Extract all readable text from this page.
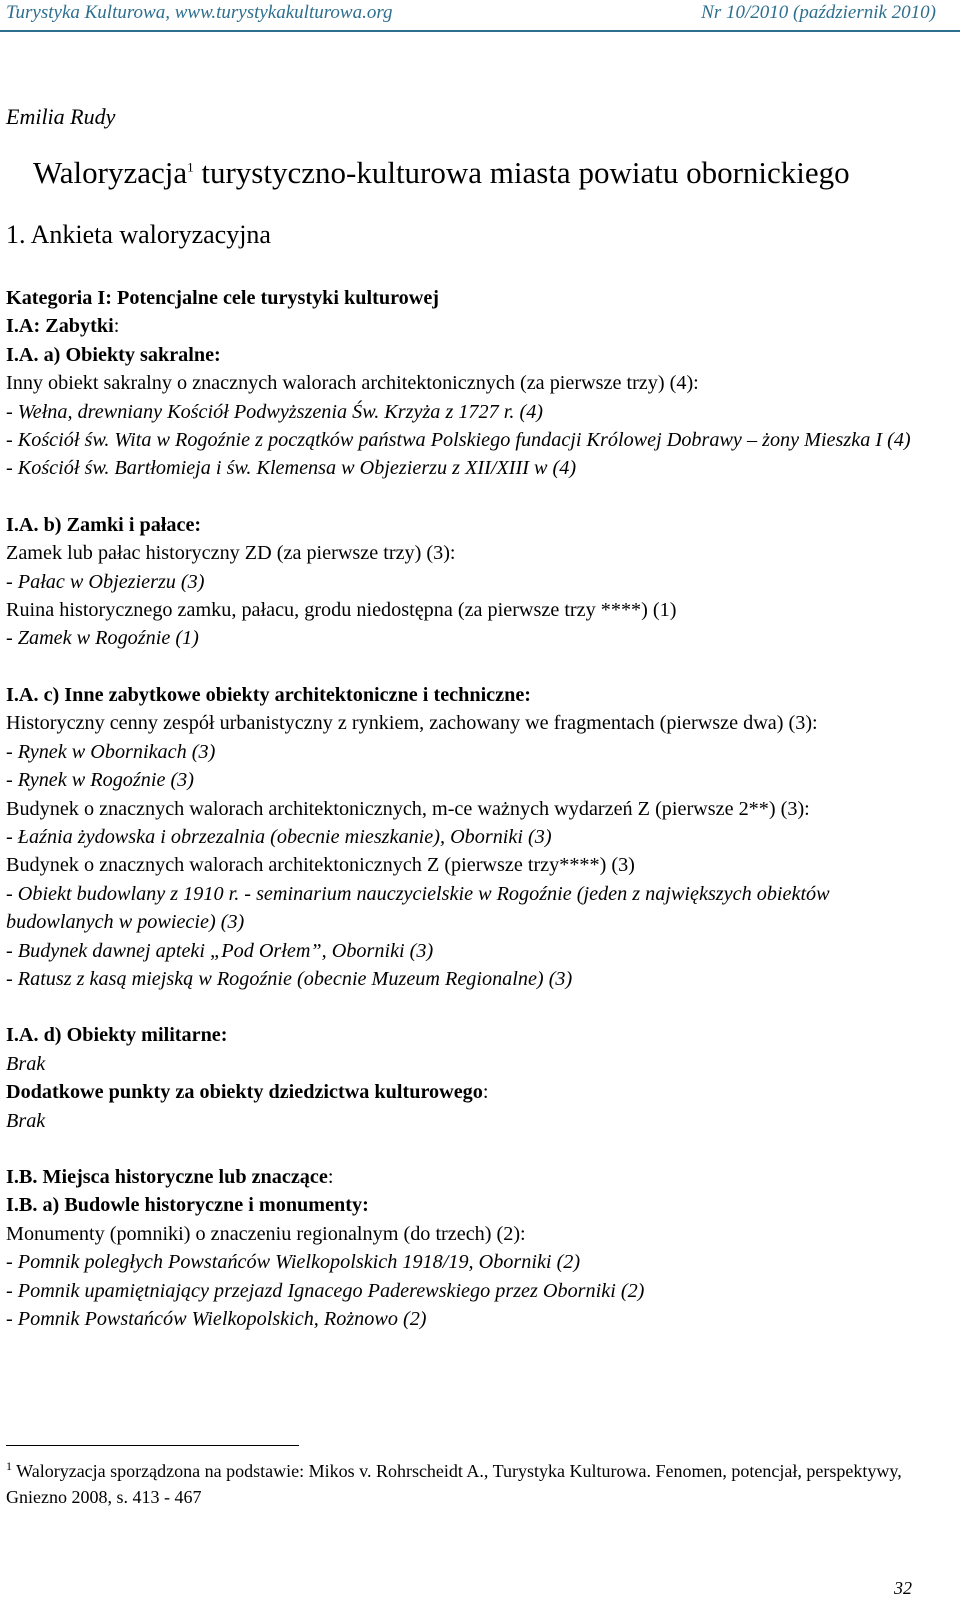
Turystyka Kulturowa, www.turystykakulturowa.org	Nr 10/2010 (październik 2010)
Emilia Rudy
Waloryzacja$^1$ turystyczno-kulturowa miasta powiatu obornickiego
1. Ankieta waloryzacyjna
Kategoria I: Potencjalne cele turystyki kulturowej
I.A: Zabytki:
I.A. a) Obiekty sakralne:
Inny obiekt sakralny o znacznych walorach architektonicznych (za pierwsze trzy) (4):
- Wełna, drewniany Kościół Podwyższenia Św. Krzyża z 1727 r. (4)
- Kościół św. Wita w Rogoźnie z początków państwa Polskiego fundacji Królowej Dobrawy – żony Mieszka I (4)
- Kościół św. Bartłomieja i św. Klemensa w Objezierzu z XII/XIII w (4)
I.A. b) Zamki i pałace:
Zamek lub pałac historyczny ZD (za pierwsze trzy) (3):
- Pałac w Objezierzu (3)
Ruina historycznego zamku, pałacu, grodu niedostępna (za pierwsze trzy ****) (1)
- Zamek w Rogoźnie (1)
I.A. c) Inne zabytkowe obiekty architektoniczne i techniczne:
Historyczny cenny zespół urbanistyczny z rynkiem, zachowany we fragmentach (pierwsze dwa) (3):
- Rynek w Obornikach (3)
- Rynek w Rogoźnie (3)
Budynek o znacznych walorach architektonicznych, m-ce ważnych wydarzeń Z (pierwsze 2**) (3):
- Łaźnia żydowska i obrzezalnia (obecnie mieszkanie), Oborniki (3)
Budynek o znacznych walorach architektonicznych Z (pierwsze trzy****) (3)
- Obiekt budowlany z 1910 r. - seminarium nauczycielskie w Rogoźnie (jeden z największych obiektów budowlanych w powiecie) (3)
- Budynek dawnej apteki „Pod Orłem”, Oborniki (3)
- Ratusz z kasą miejską w Rogoźnie (obecnie Muzeum Regionalne) (3)
I.A. d) Obiekty militarne:
Brak
Dodatkowe punkty za obiekty dziedzictwa kulturowego:
Brak
I.B. Miejsca historyczne lub znaczące:
I.B. a) Budowle historyczne i monumenty:
Monumenty (pomniki) o znaczeniu regionalnym (do trzech) (2):
- Pomnik poległych Powstańców Wielkopolskich 1918/19, Oborniki (2)
- Pomnik upamiętniający przejazd Ignacego Paderewskiego przez Oborniki (2)
- Pomnik Powstańców Wielkopolskich, Rożnowo (2)
$^1$ Waloryzacja sporządzona na podstawie: Mikos v. Rohrscheidt A., Turystyka Kulturowa. Fenomen, potencjał, perspektywy, Gniezno 2008, s. 413 - 467
32
